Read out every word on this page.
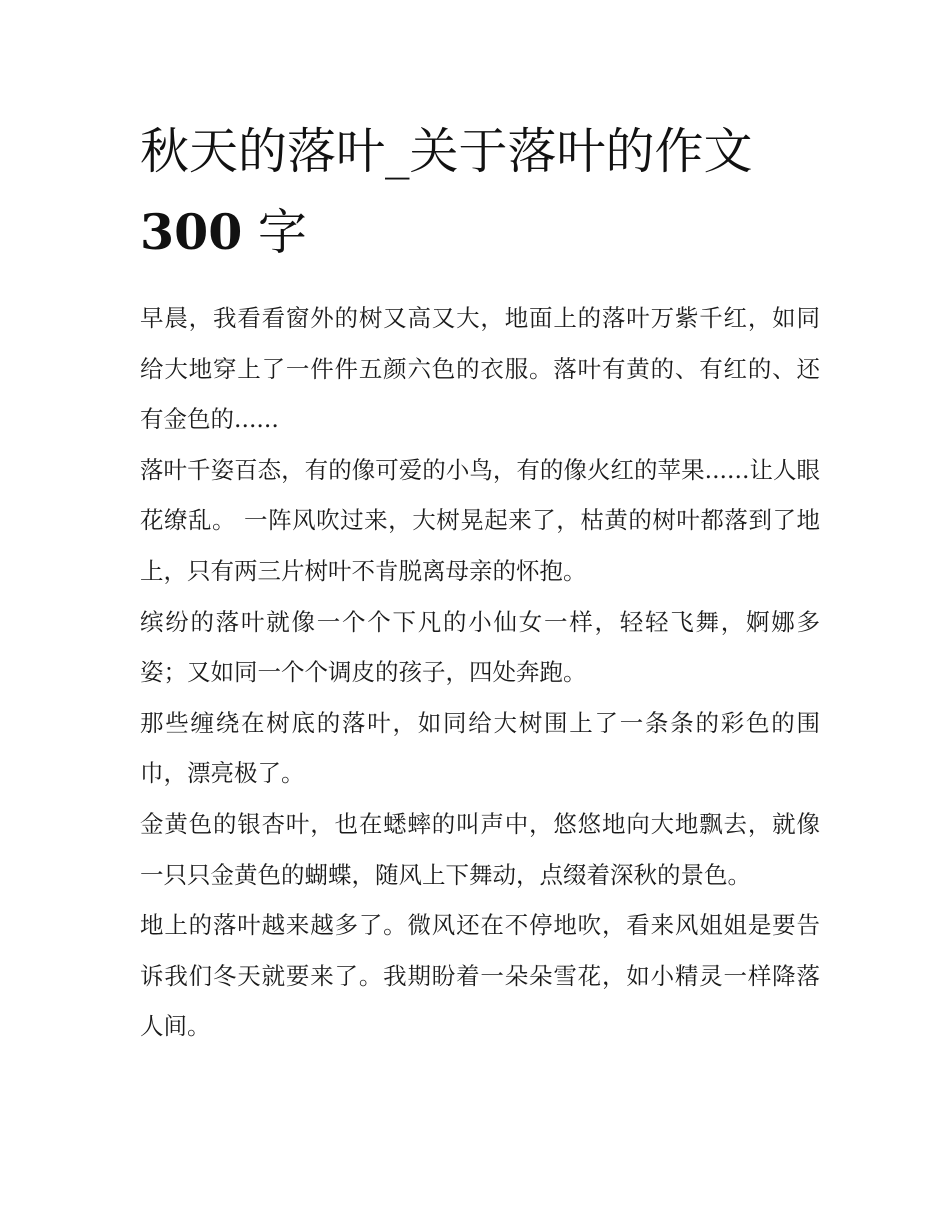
秋天的落叶_关于落叶的作文
300 字

早晨，我看看窗外的树又高又大，地面上的落叶万紫千红，如同给大地穿上了一件件五颜六色的衣服。落叶有黄的、有红的、还有金色的......

落叶千姿百态，有的像可爱的小鸟，有的像火红的苹果......让人眼花缭乱。 一阵风吹过来，大树晃起来了，枯黄的树叶都落到了地上，只有两三片树叶不肯脱离母亲的怀抱。

缤纷的落叶就像一个个下凡的小仙女一样，轻轻飞舞，婀娜多姿；又如同一个个调皮的孩子，四处奔跑。

那些缠绕在树底的落叶，如同给大树围上了一条条的彩色的围巾，漂亮极了。

金黄色的银杏叶，也在蟋蟀的叫声中，悠悠地向大地飘去，就像一只只金黄色的蝴蝶，随风上下舞动，点缀着深秋的景色。

地上的落叶越来越多了。微风还在不停地吹，看来风姐姐是要告诉我们冬天就要来了。我期盼着一朵朵雪花，如小精灵一样降落人间。
